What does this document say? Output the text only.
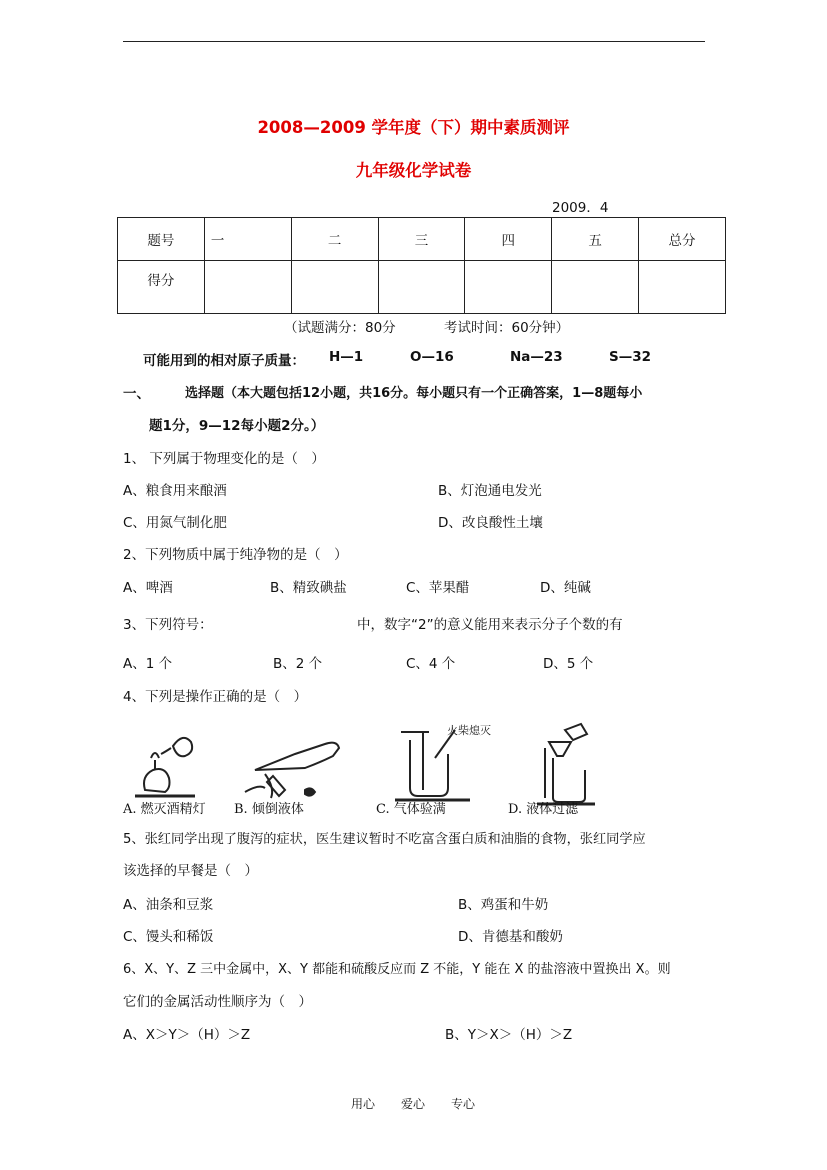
2008—2009 学年度（下）期中素质测评
九年级化学试卷
2009．4
题号	一	二	三	四	五	总分
得分						
（试题满分：80分	考试时间：60分钟）
可能用到的相对原子质量： H—1	O—16	Na—23	S—32
一、	选择题（本大题包括12小题，共16分。每小题只有一个正确答案，1—8题每小
题1分，9—12每小题2分。）
1、 下列属于物理变化的是（　）
A、粮食用来酿酒	B、灯泡通电发光
C、用氮气制化肥	D、改良酸性土壤
2、下列物质中属于纯净物的是（　）
A、啤酒	B、精致碘盐	C、苹果醋	D、纯碱
3、下列符号：	中，数字“2”的意义能用来表示分子个数的有
A、1 个	B、2 个	C、4 个	D、5 个
4、下列是操作正确的是（　）
火柴熄灭
A. 燃灭酒精灯 B. 倾倒液体	C. 气体验满	D. 液体过滤
5、张红同学出现了腹泻的症状，医生建议暂时不吃富含蛋白质和油脂的食物，张红同学应
该选择的早餐是（　）
A、油条和豆浆	B、鸡蛋和牛奶
C、馒头和稀饭	D、肯德基和酸奶
6、X、Y、Z 三中金属中，X、Y 都能和硫酸反应而 Z 不能，Y 能在 X 的盐溶液中置换出 X。则
它们的金属活动性顺序为（　）
A、X＞Y＞（H）＞Z	B、Y＞X＞（H）＞Z
用心 爱心 专心
